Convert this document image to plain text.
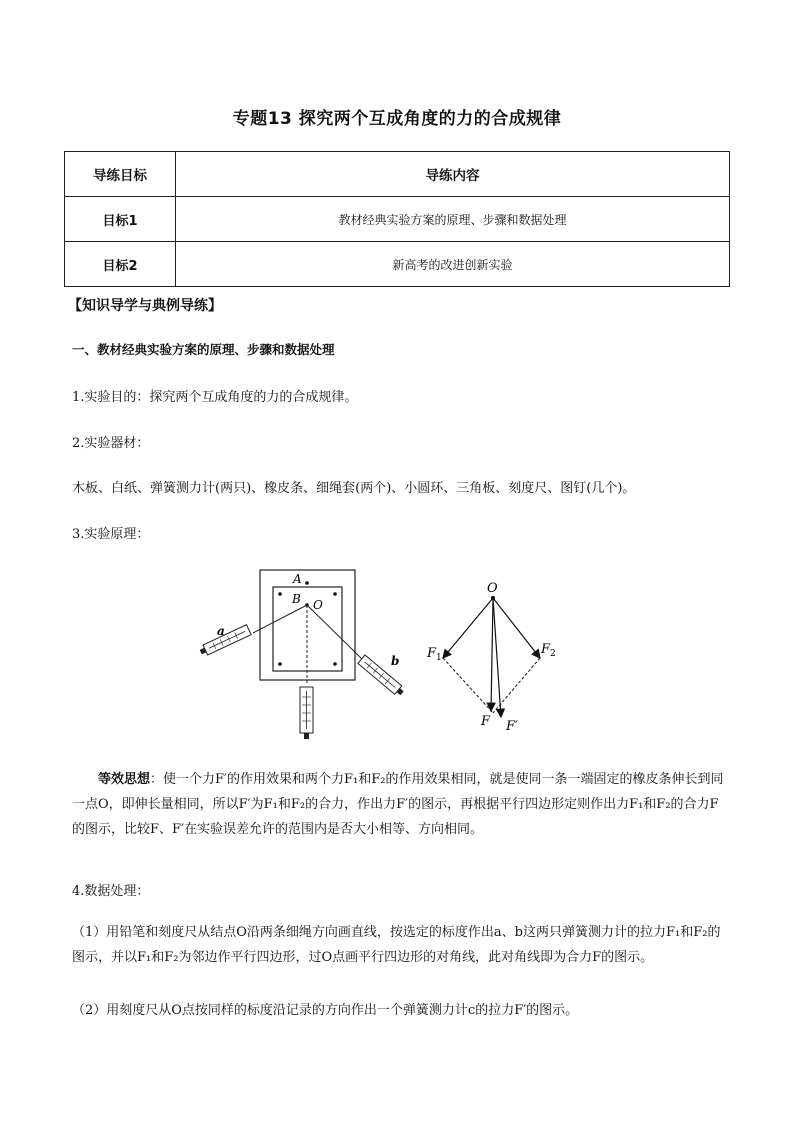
专题13 探究两个互成角度的力的合成规律
导练目标	导练内容
目标1	教材经典实验方案的原理、步骤和数据处理
目标2	新高考的改进创新实验
【知识导学与典例导练】
一、教材经典实验方案的原理、步骤和数据处理
1.实验目的：探究两个互成角度的力的合成规律。
2.实验器材：
木板、白纸、弹簧测力计(两只)、橡皮条、细绳套(两个)、小圆环、三角板、刻度尺、图钉(几个)。
3.实验原理：
A
B O
a
b
O
$F_1$
$F_2$
F F′
等效思想：使一个力F′的作用效果和两个力F₁和F₂的作用效果相同，就是使同一条一端固定的橡皮条伸长到同一点O，即伸长量相同，所以F′为F₁和F₂的合力，作出力F′的图示，再根据平行四边形定则作出力F₁和F₂的合力F的图示，比较F、F′在实验误差允许的范围内是否大小相等、方向相同。
4.数据处理：
（1）用铅笔和刻度尺从结点O沿两条细绳方向画直线，按选定的标度作出a、b这两只弹簧测力计的拉力F₁和F₂的图示，并以F₁和F₂为邻边作平行四边形，过O点画平行四边形的对角线，此对角线即为合力F的图示。
（2）用刻度尺从O点按同样的标度沿记录的方向作出一个弹簧测力计c的拉力F′的图示。
